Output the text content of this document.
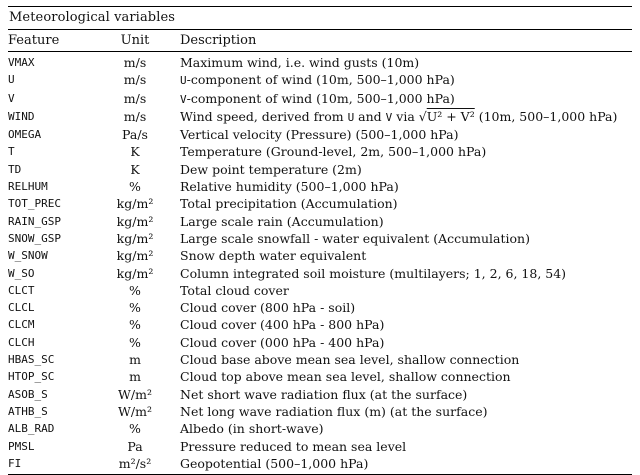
Meteorological variables
Feature	Unit	Description
VMAX	m/s	Maximum wind, i.e. wind gusts (10m)
U	m/s	U-component of wind (10m, 500–1,000 hPa)
V	m/s	V-component of wind (10m, 500–1,000 hPa)
WIND	m/s	Wind speed, derived from U and V via √U² + V² (10m, 500–1,000 hPa)
OMEGA	Pa/s	Vertical velocity (Pressure) (500–1,000 hPa)
T	K	Temperature (Ground-level, 2m, 500–1,000 hPa)
TD	K	Dew point temperature (2m)
RELHUM	%	Relative humidity (500–1,000 hPa)
TOT_PREC	kg/m²	Total precipitation (Accumulation)
RAIN_GSP	kg/m²	Large scale rain (Accumulation)
SNOW_GSP	kg/m²	Large scale snowfall - water equivalent (Accumulation)
W_SNOW	kg/m²	Snow depth water equivalent
W_SO	kg/m²	Column integrated soil moisture (multilayers; 1, 2, 6, 18, 54)
CLCT	%	Total cloud cover
CLCL	%	Cloud cover (800 hPa - soil)
CLCM	%	Cloud cover (400 hPa - 800 hPa)
CLCH	%	Cloud cover (000 hPa - 400 hPa)
HBAS_SC	m	Cloud base above mean sea level, shallow connection
HTOP_SC	m	Cloud top above mean sea level, shallow connection
ASOB_S	W/m²	Net short wave radiation flux (at the surface)
ATHB_S	W/m²	Net long wave radiation flux (m) (at the surface)
ALB_RAD	%	Albedo (in short-wave)
PMSL	Pa	Pressure reduced to mean sea level
FI	m²/s²	Geopotential (500–1,000 hPa)
